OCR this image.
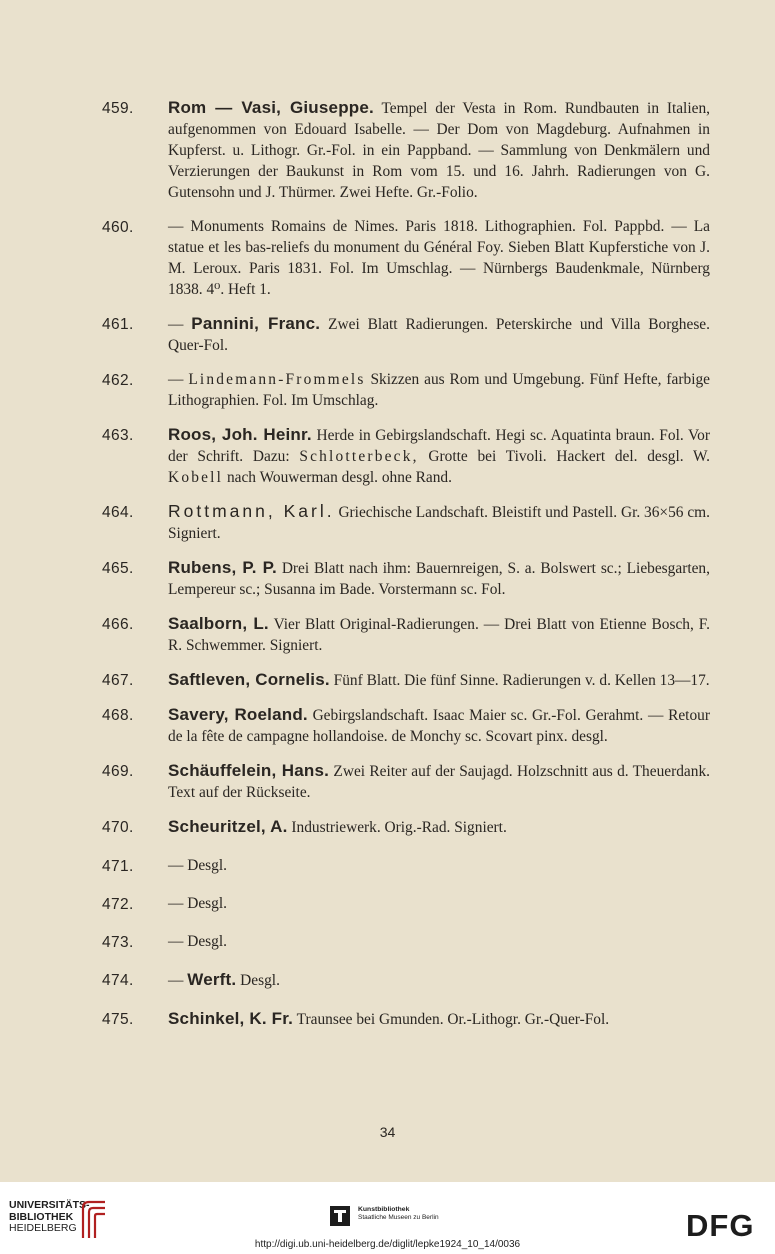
459. Rom — Vasi, Giuseppe. Tempel der Vesta in Rom. Rundbauten in Italien, aufgenommen von Edouard Isabelle. — Der Dom von Magdeburg. Aufnahmen in Kupferst. u. Lithogr. Gr.-Fol. in ein Pappband. — Sammlung von Denkmälern und Verzierungen der Baukunst in Rom vom 15. und 16. Jahrh. Radierungen von G. Gutensohn und J. Thürmer. Zwei Hefte. Gr.-Folio.
460. — Monuments Romains de Nimes. Paris 1818. Lithographien. Fol. Pappbd. — La statue et les bas-reliefs du monument du Général Foy. Sieben Blatt Kupferstiche von J. M. Leroux. Paris 1831. Fol. Im Umschlag. — Nürnbergs Baudenkmale, Nürnberg 1838. 4⁰. Heft 1.
461. — Pannini, Franc. Zwei Blatt Radierungen. Peterskirche und Villa Borghese. Quer-Fol.
462. — Lindemann-Frommels Skizzen aus Rom und Umgebung. Fünf Hefte, farbige Lithographien. Fol. Im Umschlag.
463. Roos, Joh. Heinr. Herde in Gebirgslandschaft. Hegi sc. Aquatinta braun. Fol. Vor der Schrift. Dazu: Schlotterbeck, Grotte bei Tivoli. Hackert del. desgl. W. Kobell nach Wouwerman desgl. ohne Rand.
464. Rottmann, Karl. Griechische Landschaft. Bleistift und Pastell. Gr. 36×56 cm. Signiert.
465. Rubens, P. P. Drei Blatt nach ihm: Bauernreigen, S. a. Bolswert sc.; Liebesgarten, Lempereur sc.; Susanna im Bade. Vorstermann sc. Fol.
466. Saalborn, L. Vier Blatt Original-Radierungen. — Drei Blatt von Etienne Bosch, F. R. Schwemmer. Signiert.
467. Saftleven, Cornelis. Fünf Blatt. Die fünf Sinne. Radierungen v. d. Kellen 13—17.
468. Savery, Roeland. Gebirgslandschaft. Isaac Maier sc. Gr.-Fol. Gerahmt. — Retour de la fête de campagne hollandoise. de Monchy sc. Scovart pinx. desgl.
469. Schäuffelein, Hans. Zwei Reiter auf der Saujagd. Holzschnitt aus d. Theuerdank. Text auf der Rückseite.
470. Scheuritzel, A. Industriewerk. Orig.-Rad. Signiert.
471. — Desgl.
472. — Desgl.
473. — Desgl.
474. — Werft. Desgl.
475. Schinkel, K. Fr. Traunsee bei Gmunden. Or.-Lithogr. Gr.-Quer-Fol.
34
UNIVERSITÄTS-
BIBLIOTHEK
HEIDELBERG
Kunstbibliothek
Staatliche Museen zu Berlin	DFG
http://digi.ub.uni-heidelberg.de/diglit/lepke1924_10_14/0036
